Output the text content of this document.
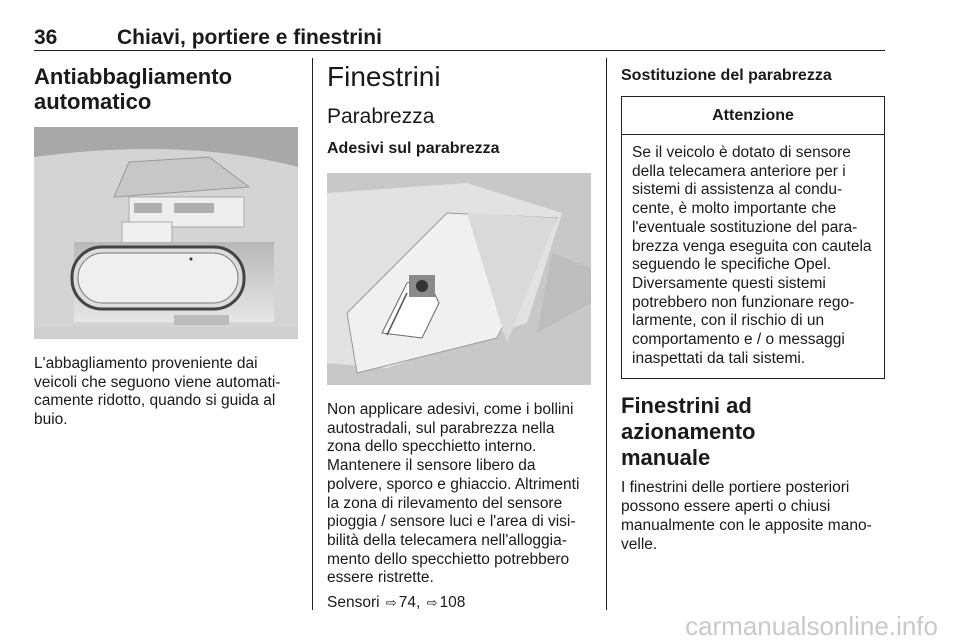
36	Chiavi, portiere e finestrini
Antiabbagliamento
automatico

L'abbagliamento proveniente dai veicoli che seguono viene automati-camente ridotto, quando si guida al buio.

Finestrini
Parabrezza
Adesivi sul parabrezza

Non applicare adesivi, come i bollini autostradali, sul parabrezza nella zona dello specchietto interno. Mantenere il sensore libero da polvere, sporco e ghiaccio. Altrimenti la zona di rilevamento del sensore pioggia / sensore luci e l'area di visi-bilità della telecamera nell'alloggia-mento dello specchietto potrebbero essere ristrette.

Sensori ⇨ 74, ⇨ 108

Sostituzione del parabrezza
Attenzione
Se il veicolo è dotato di sensore della telecamera anteriore per i sistemi di assistenza al condu-cente, è molto importante che l'eventuale sostituzione del para-brezza venga eseguita con cautela seguendo le specifiche Opel. Diversamente questi sistemi potrebbero non funzionare rego-larmente, con il rischio di un comportamento e / o messaggi inaspettati da tali sistemi.
Finestrini ad azionamento
manuale

I finestrini delle portiere posteriori possono essere aperti o chiusi manualmente con le apposite mano-velle.

carmanualsonline.info
